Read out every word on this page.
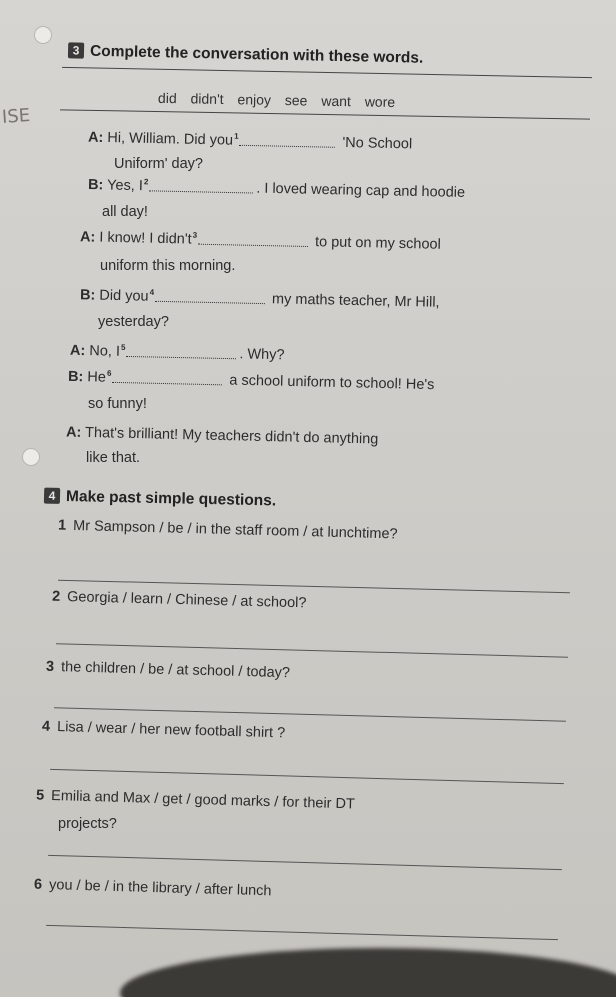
3 Complete the conversation with these words.
did didn't enjoy see want wore
ISE
A: Hi, William. Did you$^1$	'No School
Uniform' day?
B: Yes, $I^2$	. I loved wearing cap and hoodie
all day!
A: I know! I $didn't^3$	to put on my school
uniform this morning.
B: Did you$^4$	my maths teacher, Mr Hill,
yesterday?
A: No, $I^5$	. Why?
B: He$^6$	a school uniform to school! He's
so funny!
A: That's brilliant! My teachers didn't do anything
like that.
4 Make past simple questions.
1 Mr Sampson / be / in the staff room / at lunchtime?
2 Georgia / learn / Chinese / at school?
3 the children / be / at school / today?
4 Lisa / wear / her new football shirt ?
5 Emilia and Max / get / good marks / for their DT
projects?
6 you / be / in the library / after lunch
